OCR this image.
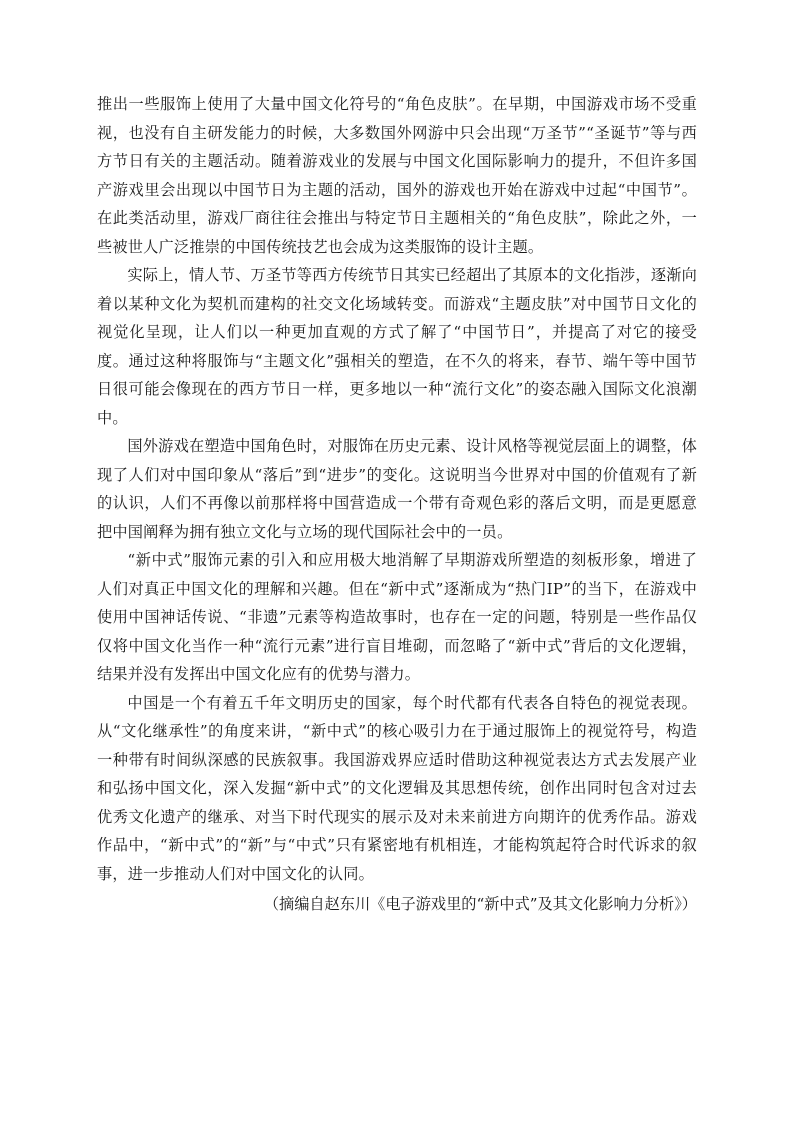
推出一些服饰上使用了大量中国文化符号的“角色皮肤”。在早期，中国游戏市场不受重视，也没有自主研发能力的时候，大多数国外网游中只会出现“万圣节”“圣诞节”等与西方节日有关的主题活动。随着游戏业的发展与中国文化国际影响力的提升，不但许多国产游戏里会出现以中国节日为主题的活动，国外的游戏也开始在游戏中过起“中国节”。在此类活动里，游戏厂商往往会推出与特定节日主题相关的“角色皮肤”，除此之外，一些被世人广泛推崇的中国传统技艺也会成为这类服饰的设计主题。

实际上，情人节、万圣节等西方传统节日其实已经超出了其原本的文化指涉，逐渐向着以某种文化为契机而建构的社交文化场域转变。而游戏“主题皮肤”对中国节日文化的视觉化呈现，让人们以一种更加直观的方式了解了“中国节日”，并提高了对它的接受度。通过这种将服饰与“主题文化”强相关的塑造，在不久的将来，春节、端午等中国节日很可能会像现在的西方节日一样，更多地以一种“流行文化”的姿态融入国际文化浪潮中。

国外游戏在塑造中国角色时，对服饰在历史元素、设计风格等视觉层面上的调整，体现了人们对中国印象从“落后”到“进步”的变化。这说明当今世界对中国的价值观有了新的认识，人们不再像以前那样将中国营造成一个带有奇观色彩的落后文明，而是更愿意把中国阐释为拥有独立文化与立场的现代国际社会中的一员。

“新中式”服饰元素的引入和应用极大地消解了早期游戏所塑造的刻板形象，增进了人们对真正中国文化的理解和兴趣。但在“新中式”逐渐成为“热门IP”的当下，在游戏中使用中国神话传说、“非遗”元素等构造故事时，也存在一定的问题，特别是一些作品仅仅将中国文化当作一种“流行元素”进行盲目堆砌，而忽略了“新中式”背后的文化逻辑，结果并没有发挥出中国文化应有的优势与潜力。

中国是一个有着五千年文明历史的国家，每个时代都有代表各自特色的视觉表现。从“文化继承性”的角度来讲，“新中式”的核心吸引力在于通过服饰上的视觉符号，构造一种带有时间纵深感的民族叙事。我国游戏界应适时借助这种视觉表达方式去发展产业和弘扬中国文化，深入发掘“新中式”的文化逻辑及其思想传统，创作出同时包含对过去优秀文化遗产的继承、对当下时代现实的展示及对未来前进方向期许的优秀作品。游戏作品中，“新中式”的“新”与“中式”只有紧密地有机相连，才能构筑起符合时代诉求的叙事，进一步推动人们对中国文化的认同。

（摘编自赵东川《电子游戏里的“新中式”及其文化影响力分析》）
